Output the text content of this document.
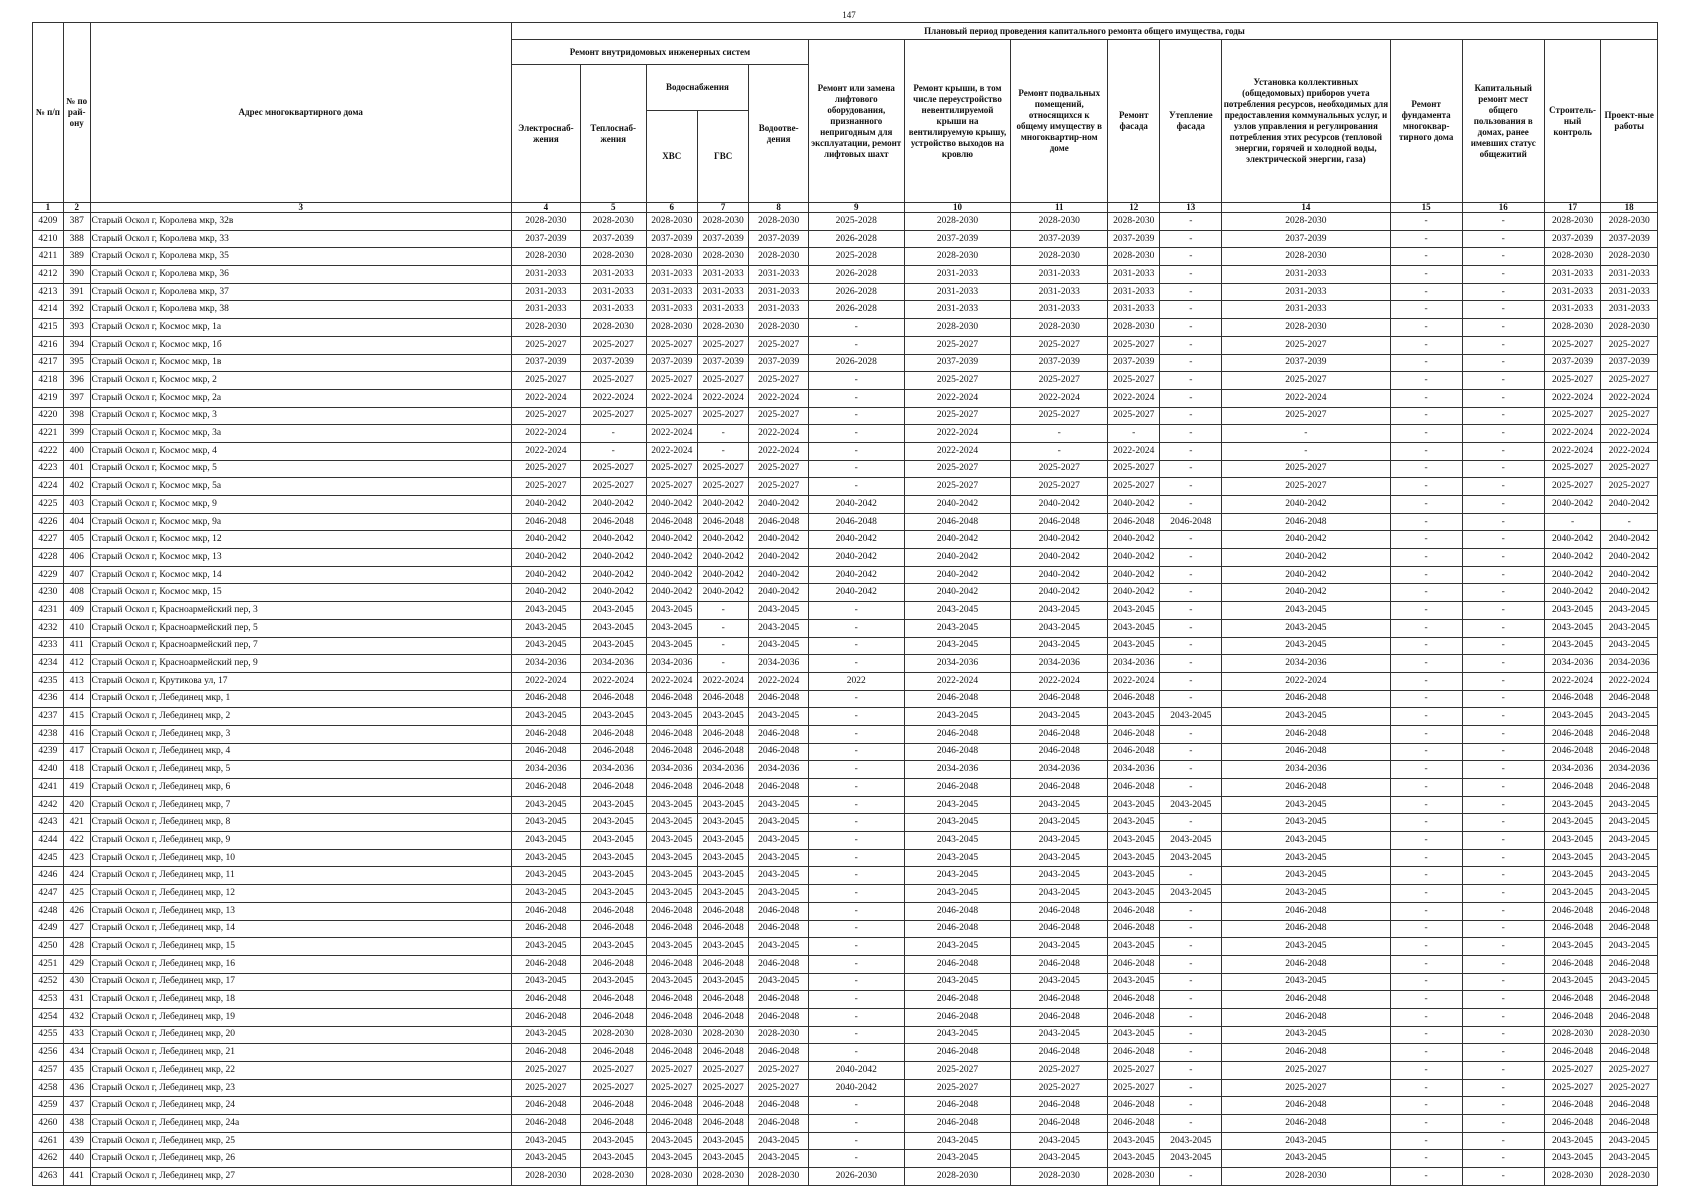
147
№ п/п	№ по рай-ону	Адрес многоквартирного дома	Плановый период проведения капитального ремонта общего имущества, годы														
			Ремонт внутридомовых инженерных систем					Ремонт или замена лифтового оборудования, признанного непригодным для эксплуатации, ремонт лифтовых шахт	Ремонт крыши, в том числе переустройство невентилируемой крыши на вентилируемую крышу, устройство выходов на кровлю	Ремонт подвальных помещений, относящихся к общему имуществу в многоквартир-ном доме	Ремонт фасада	Утепление фасада	Установка коллективных (общедомовых) приборов учета потребления ресурсов, необходимых для предоставления коммунальных услуг, и узлов управления и регулирования потребления этих ресурсов (тепловой энергии, горячей и холодной воды, электрической энергии, газа)	Ремонт фундамента многоквар-тирного дома	Капитальный ремонт мест общего пользования в домах, ранее имевших статус общежитий	Строитель-ный контроль	Проект-ные работы
			Электроснаб-жения	Теплоснаб-жения	Водоснабжения		Водоотве-дения										
					ХВС	ГВС											
1	2	3	4	5	6	7	8	9	10	11	12	13	14	15	16	17	18
4209	387	Старый Оскол г, Королева мкр, 32в	2028-2030	2028-2030	2028-2030	2028-2030	2028-2030	2025-2028	2028-2030	2028-2030	2028-2030	-	2028-2030	-	-	2028-2030	2028-2030
4210	388	Старый Оскол г, Королева мкр, 33	2037-2039	2037-2039	2037-2039	2037-2039	2037-2039	2026-2028	2037-2039	2037-2039	2037-2039	-	2037-2039	-	-	2037-2039	2037-2039
4211	389	Старый Оскол г, Королева мкр, 35	2028-2030	2028-2030	2028-2030	2028-2030	2028-2030	2025-2028	2028-2030	2028-2030	2028-2030	-	2028-2030	-	-	2028-2030	2028-2030
4212	390	Старый Оскол г, Королева мкр, 36	2031-2033	2031-2033	2031-2033	2031-2033	2031-2033	2026-2028	2031-2033	2031-2033	2031-2033	-	2031-2033	-	-	2031-2033	2031-2033
4213	391	Старый Оскол г, Королева мкр, 37	2031-2033	2031-2033	2031-2033	2031-2033	2031-2033	2026-2028	2031-2033	2031-2033	2031-2033	-	2031-2033	-	-	2031-2033	2031-2033
4214	392	Старый Оскол г, Королева мкр, 38	2031-2033	2031-2033	2031-2033	2031-2033	2031-2033	2026-2028	2031-2033	2031-2033	2031-2033	-	2031-2033	-	-	2031-2033	2031-2033
4215	393	Старый Оскол г, Космос мкр, 1а	2028-2030	2028-2030	2028-2030	2028-2030	2028-2030	-	2028-2030	2028-2030	2028-2030	-	2028-2030	-	-	2028-2030	2028-2030
4216	394	Старый Оскол г, Космос мкр, 1б	2025-2027	2025-2027	2025-2027	2025-2027	2025-2027	-	2025-2027	2025-2027	2025-2027	-	2025-2027	-	-	2025-2027	2025-2027
4217	395	Старый Оскол г, Космос мкр, 1в	2037-2039	2037-2039	2037-2039	2037-2039	2037-2039	2026-2028	2037-2039	2037-2039	2037-2039	-	2037-2039	-	-	2037-2039	2037-2039
4218	396	Старый Оскол г, Космос мкр, 2	2025-2027	2025-2027	2025-2027	2025-2027	2025-2027	-	2025-2027	2025-2027	2025-2027	-	2025-2027	-	-	2025-2027	2025-2027
4219	397	Старый Оскол г, Космос мкр, 2а	2022-2024	2022-2024	2022-2024	2022-2024	2022-2024	-	2022-2024	2022-2024	2022-2024	-	2022-2024	-	-	2022-2024	2022-2024
4220	398	Старый Оскол г, Космос мкр, 3	2025-2027	2025-2027	2025-2027	2025-2027	2025-2027	-	2025-2027	2025-2027	2025-2027	-	2025-2027	-	-	2025-2027	2025-2027
4221	399	Старый Оскол г, Космос мкр, 3а	2022-2024	-	2022-2024	-	2022-2024	-	2022-2024	-	-	-	-	-	-	2022-2024	2022-2024
4222	400	Старый Оскол г, Космос мкр, 4	2022-2024	-	2022-2024	-	2022-2024	-	2022-2024	-	2022-2024	-	-	-	-	2022-2024	2022-2024
4223	401	Старый Оскол г, Космос мкр, 5	2025-2027	2025-2027	2025-2027	2025-2027	2025-2027	-	2025-2027	2025-2027	2025-2027	-	2025-2027	-	-	2025-2027	2025-2027
4224	402	Старый Оскол г, Космос мкр, 5а	2025-2027	2025-2027	2025-2027	2025-2027	2025-2027	-	2025-2027	2025-2027	2025-2027	-	2025-2027	-	-	2025-2027	2025-2027
4225	403	Старый Оскол г, Космос мкр, 9	2040-2042	2040-2042	2040-2042	2040-2042	2040-2042	2040-2042	2040-2042	2040-2042	2040-2042	-	2040-2042	-	-	2040-2042	2040-2042
4226	404	Старый Оскол г, Космос мкр, 9а	2046-2048	2046-2048	2046-2048	2046-2048	2046-2048	2046-2048	2046-2048	2046-2048	2046-2048	2046-2048	2046-2048	-	-	-	-
4227	405	Старый Оскол г, Космос мкр, 12	2040-2042	2040-2042	2040-2042	2040-2042	2040-2042	2040-2042	2040-2042	2040-2042	2040-2042	-	2040-2042	-	-	2040-2042	2040-2042
4228	406	Старый Оскол г, Космос мкр, 13	2040-2042	2040-2042	2040-2042	2040-2042	2040-2042	2040-2042	2040-2042	2040-2042	2040-2042	-	2040-2042	-	-	2040-2042	2040-2042
4229	407	Старый Оскол г, Космос мкр, 14	2040-2042	2040-2042	2040-2042	2040-2042	2040-2042	2040-2042	2040-2042	2040-2042	2040-2042	-	2040-2042	-	-	2040-2042	2040-2042
4230	408	Старый Оскол г, Космос мкр, 15	2040-2042	2040-2042	2040-2042	2040-2042	2040-2042	2040-2042	2040-2042	2040-2042	2040-2042	-	2040-2042	-	-	2040-2042	2040-2042
4231	409	Старый Оскол г, Красноармейский пер, 3	2043-2045	2043-2045	2043-2045	-	2043-2045	-	2043-2045	2043-2045	2043-2045	-	2043-2045	-	-	2043-2045	2043-2045
4232	410	Старый Оскол г, Красноармейский пер, 5	2043-2045	2043-2045	2043-2045	-	2043-2045	-	2043-2045	2043-2045	2043-2045	-	2043-2045	-	-	2043-2045	2043-2045
4233	411	Старый Оскол г, Красноармейский пер, 7	2043-2045	2043-2045	2043-2045	-	2043-2045	-	2043-2045	2043-2045	2043-2045	-	2043-2045	-	-	2043-2045	2043-2045
4234	412	Старый Оскол г, Красноармейский пер, 9	2034-2036	2034-2036	2034-2036	-	2034-2036	-	2034-2036	2034-2036	2034-2036	-	2034-2036	-	-	2034-2036	2034-2036
4235	413	Старый Оскол г, Крутикова ул, 17	2022-2024	2022-2024	2022-2024	2022-2024	2022-2024	2022	2022-2024	2022-2024	2022-2024	-	2022-2024	-	-	2022-2024	2022-2024
4236	414	Старый Оскол г, Лебединец мкр, 1	2046-2048	2046-2048	2046-2048	2046-2048	2046-2048	-	2046-2048	2046-2048	2046-2048	-	2046-2048	-	-	2046-2048	2046-2048
4237	415	Старый Оскол г, Лебединец мкр, 2	2043-2045	2043-2045	2043-2045	2043-2045	2043-2045	-	2043-2045	2043-2045	2043-2045	2043-2045	2043-2045	-	-	2043-2045	2043-2045
4238	416	Старый Оскол г, Лебединец мкр, 3	2046-2048	2046-2048	2046-2048	2046-2048	2046-2048	-	2046-2048	2046-2048	2046-2048	-	2046-2048	-	-	2046-2048	2046-2048
4239	417	Старый Оскол г, Лебединец мкр, 4	2046-2048	2046-2048	2046-2048	2046-2048	2046-2048	-	2046-2048	2046-2048	2046-2048	-	2046-2048	-	-	2046-2048	2046-2048
4240	418	Старый Оскол г, Лебединец мкр, 5	2034-2036	2034-2036	2034-2036	2034-2036	2034-2036	-	2034-2036	2034-2036	2034-2036	-	2034-2036	-	-	2034-2036	2034-2036
4241	419	Старый Оскол г, Лебединец мкр, 6	2046-2048	2046-2048	2046-2048	2046-2048	2046-2048	-	2046-2048	2046-2048	2046-2048	-	2046-2048	-	-	2046-2048	2046-2048
4242	420	Старый Оскол г, Лебединец мкр, 7	2043-2045	2043-2045	2043-2045	2043-2045	2043-2045	-	2043-2045	2043-2045	2043-2045	2043-2045	2043-2045	-	-	2043-2045	2043-2045
4243	421	Старый Оскол г, Лебединец мкр, 8	2043-2045	2043-2045	2043-2045	2043-2045	2043-2045	-	2043-2045	2043-2045	2043-2045	-	2043-2045	-	-	2043-2045	2043-2045
4244	422	Старый Оскол г, Лебединец мкр, 9	2043-2045	2043-2045	2043-2045	2043-2045	2043-2045	-	2043-2045	2043-2045	2043-2045	2043-2045	2043-2045	-	-	2043-2045	2043-2045
4245	423	Старый Оскол г, Лебединец мкр, 10	2043-2045	2043-2045	2043-2045	2043-2045	2043-2045	-	2043-2045	2043-2045	2043-2045	2043-2045	2043-2045	-	-	2043-2045	2043-2045
4246	424	Старый Оскол г, Лебединец мкр, 11	2043-2045	2043-2045	2043-2045	2043-2045	2043-2045	-	2043-2045	2043-2045	2043-2045	-	2043-2045	-	-	2043-2045	2043-2045
4247	425	Старый Оскол г, Лебединец мкр, 12	2043-2045	2043-2045	2043-2045	2043-2045	2043-2045	-	2043-2045	2043-2045	2043-2045	2043-2045	2043-2045	-	-	2043-2045	2043-2045
4248	426	Старый Оскол г, Лебединец мкр, 13	2046-2048	2046-2048	2046-2048	2046-2048	2046-2048	-	2046-2048	2046-2048	2046-2048	-	2046-2048	-	-	2046-2048	2046-2048
4249	427	Старый Оскол г, Лебединец мкр, 14	2046-2048	2046-2048	2046-2048	2046-2048	2046-2048	-	2046-2048	2046-2048	2046-2048	-	2046-2048	-	-	2046-2048	2046-2048
4250	428	Старый Оскол г, Лебединец мкр, 15	2043-2045	2043-2045	2043-2045	2043-2045	2043-2045	-	2043-2045	2043-2045	2043-2045	-	2043-2045	-	-	2043-2045	2043-2045
4251	429	Старый Оскол г, Лебединец мкр, 16	2046-2048	2046-2048	2046-2048	2046-2048	2046-2048	-	2046-2048	2046-2048	2046-2048	-	2046-2048	-	-	2046-2048	2046-2048
4252	430	Старый Оскол г, Лебединец мкр, 17	2043-2045	2043-2045	2043-2045	2043-2045	2043-2045	-	2043-2045	2043-2045	2043-2045	-	2043-2045	-	-	2043-2045	2043-2045
4253	431	Старый Оскол г, Лебединец мкр, 18	2046-2048	2046-2048	2046-2048	2046-2048	2046-2048	-	2046-2048	2046-2048	2046-2048	-	2046-2048	-	-	2046-2048	2046-2048
4254	432	Старый Оскол г, Лебединец мкр, 19	2046-2048	2046-2048	2046-2048	2046-2048	2046-2048	-	2046-2048	2046-2048	2046-2048	-	2046-2048	-	-	2046-2048	2046-2048
4255	433	Старый Оскол г, Лебединец мкр, 20	2043-2045	2028-2030	2028-2030	2028-2030	2028-2030	-	2043-2045	2043-2045	2043-2045	-	2043-2045	-	-	2028-2030	2028-2030
4256	434	Старый Оскол г, Лебединец мкр, 21	2046-2048	2046-2048	2046-2048	2046-2048	2046-2048	-	2046-2048	2046-2048	2046-2048	-	2046-2048	-	-	2046-2048	2046-2048
4257	435	Старый Оскол г, Лебединец мкр, 22	2025-2027	2025-2027	2025-2027	2025-2027	2025-2027	2040-2042	2025-2027	2025-2027	2025-2027	-	2025-2027	-	-	2025-2027	2025-2027
4258	436	Старый Оскол г, Лебединец мкр, 23	2025-2027	2025-2027	2025-2027	2025-2027	2025-2027	2040-2042	2025-2027	2025-2027	2025-2027	-	2025-2027	-	-	2025-2027	2025-2027
4259	437	Старый Оскол г, Лебединец мкр, 24	2046-2048	2046-2048	2046-2048	2046-2048	2046-2048	-	2046-2048	2046-2048	2046-2048	-	2046-2048	-	-	2046-2048	2046-2048
4260	438	Старый Оскол г, Лебединец мкр, 24а	2046-2048	2046-2048	2046-2048	2046-2048	2046-2048	-	2046-2048	2046-2048	2046-2048	-	2046-2048	-	-	2046-2048	2046-2048
4261	439	Старый Оскол г, Лебединец мкр, 25	2043-2045	2043-2045	2043-2045	2043-2045	2043-2045	-	2043-2045	2043-2045	2043-2045	2043-2045	2043-2045	-	-	2043-2045	2043-2045
4262	440	Старый Оскол г, Лебединец мкр, 26	2043-2045	2043-2045	2043-2045	2043-2045	2043-2045	-	2043-2045	2043-2045	2043-2045	2043-2045	2043-2045	-	-	2043-2045	2043-2045
4263	441	Старый Оскол г, Лебединец мкр, 27	2028-2030	2028-2030	2028-2030	2028-2030	2028-2030	2026-2030	2028-2030	2028-2030	2028-2030	-	2028-2030	-	-	2028-2030	2028-2030
